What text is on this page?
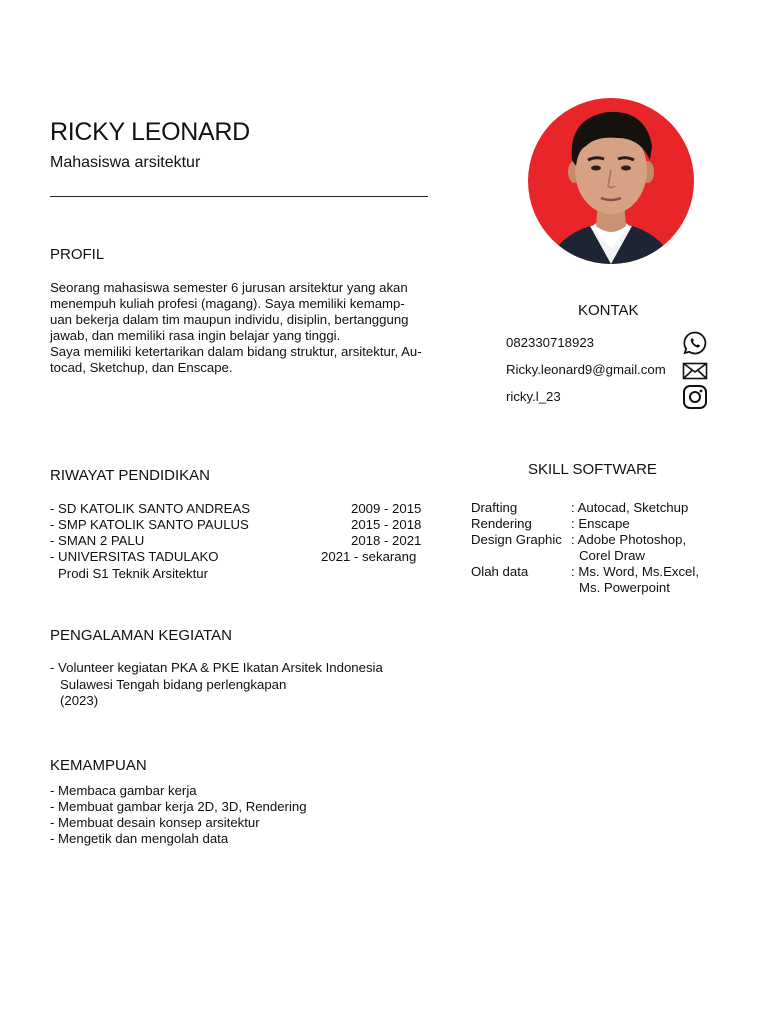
RICKY LEONARD
Mahasiswa arsitektur
PROFIL

Seorang mahasiswa semester 6 jurusan arsitektur yang akan

menempuh kuliah profesi (magang). Saya memiliki kemamp-

uan bekerja dalam tim maupun individu, disiplin, bertanggung

jawab, dan memiliki rasa ingin belajar yang tinggi.

Saya memiliki ketertarikan dalam bidang struktur, arsitektur, Au-

tocad, Sketchup, dan Enscape.

KONTAK
082330718923
Ricky.leonard9@gmail.com
ricky.l_23
RIWAYAT PENDIDIKAN
- SD KATOLIK SANTO ANDREAS	2009 - 2015
- SMP KATOLIK SANTO PAULUS	2015 - 2018
- SMAN 2 PALU	2018 - 2021
- UNIVERSITAS TADULAKO	2021 - sekarang
Prodi S1 Teknik Arsitektur
SKILL SOFTWARE
Drafting	: Autocad, Sketchup
Rendering	: Enscape
Design Graphic : Adobe Photoshop,
Corel Draw
Olah data	: Ms. Word, Ms.Excel,
Ms. Powerpoint
PENGALAMAN KEGIATAN
- Volunteer kegiatan PKA & PKE Ikatan Arsitek Indonesia
Sulawesi Tengah bidang perlengkapan
(2023)
KEMAMPUAN
- Membaca gambar kerja
- Membuat gambar kerja 2D, 3D, Rendering
- Membuat desain konsep arsitektur
- Mengetik dan mengolah data
